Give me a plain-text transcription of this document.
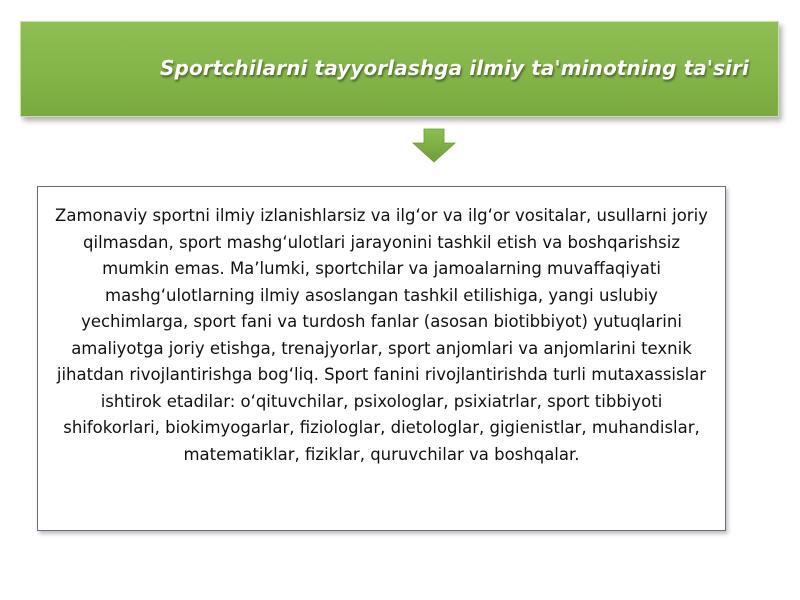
Sportchilarni tayyorlashga ilmiy ta'minotning ta'siri

Zamonaviy sportni ilmiy izlanishlarsiz va ilgʻor va ilgʻor vositalar, usullarni joriy qilmasdan, sport mashgʻulotlari jarayonini tashkil etish va boshqarishsiz mumkin emas. Maʼlumki, sportchilar va jamoalarning muvaffaqiyati mashgʻulotlarning ilmiy asoslangan tashkil etilishiga, yangi uslubiy yechimlarga, sport fani va turdosh fanlar (asosan biotibbiyot) yutuqlarini amaliyotga joriy etishga, trenajyorlar, sport anjomlari va anjomlarini texnik jihatdan rivojlantirishga bogʻliq. Sport fanini rivojlantirishda turli mutaxassislar ishtirok etadilar: oʻqituvchilar, psixologlar, psixiatrlar, sport tibbiyoti shifokorlari, biokimyogarlar, fiziologlar, dietologlar, gigienistlar, muhandislar, matematiklar, fiziklar, quruvchilar va boshqalar.
